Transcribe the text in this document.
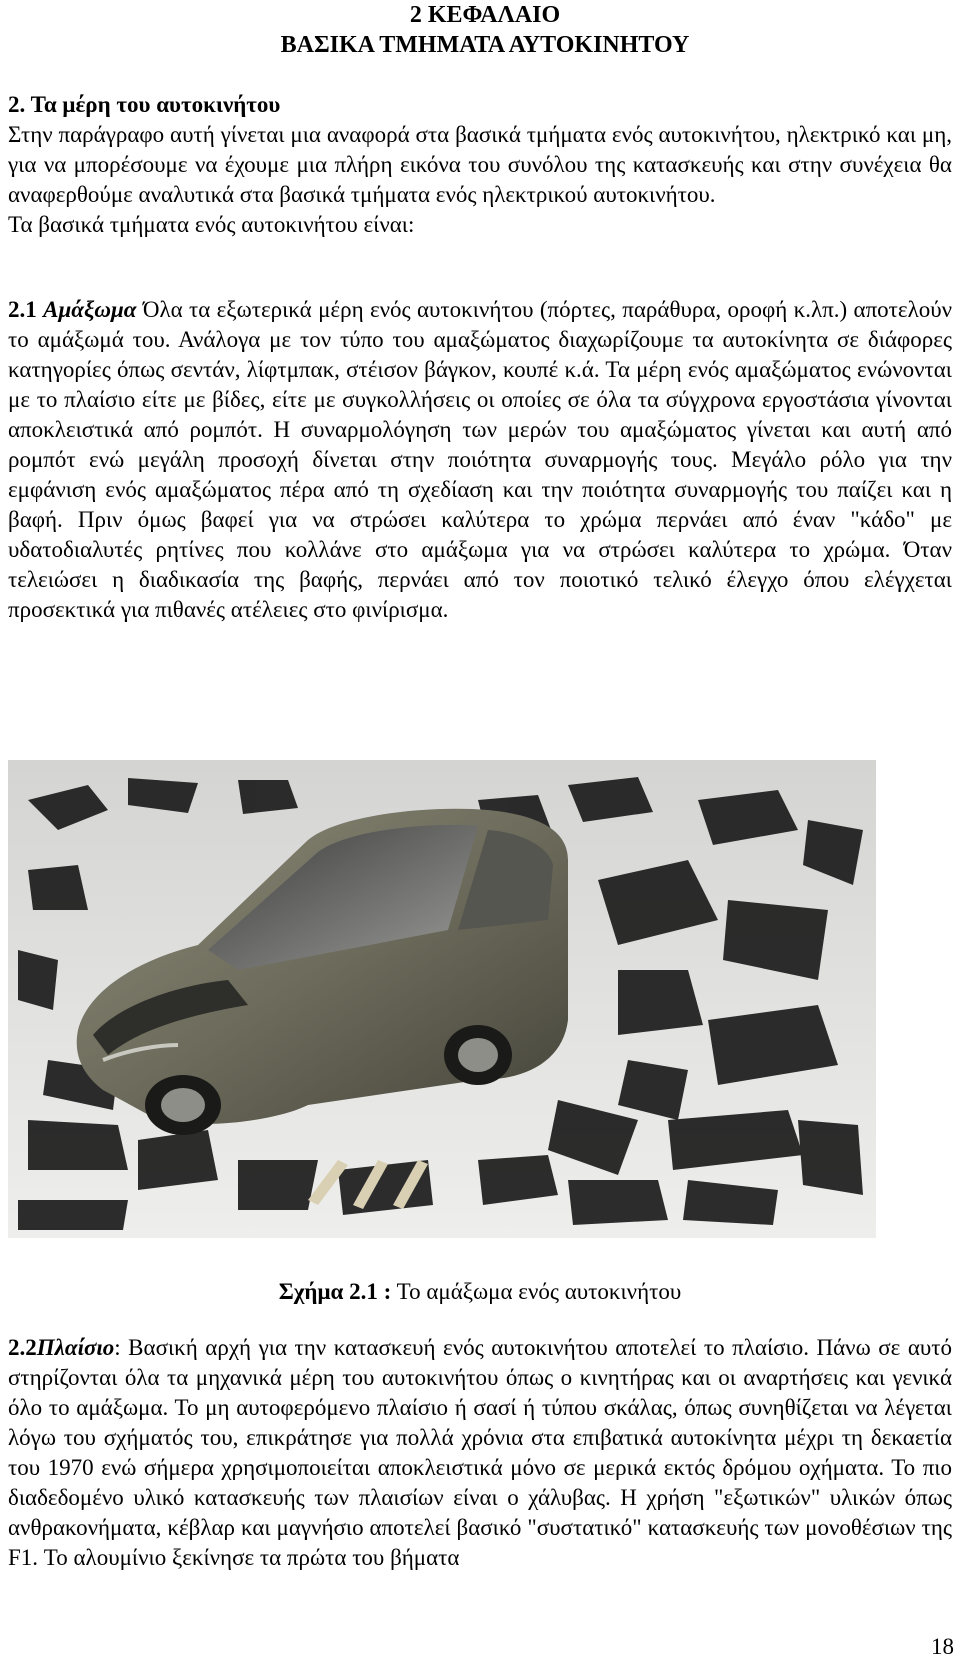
2 ΚΕΦΑΛΑΙΟ
ΒΑΣΙΚΑ ΤΜΗΜΑΤΑ ΑΥΤΟΚΙΝΗΤΟΥ

2. Τα μέρη του αυτοκινήτου

Στην παράγραφο αυτή γίνεται μια αναφορά στα βασικά τμήματα ενός αυτοκινήτου, ηλεκτρικό και μη, για να μπορέσουμε να έχουμε μια πλήρη εικόνα του συνόλου της κατασκευής και στην συνέχεια θα αναφερθούμε αναλυτικά στα βασικά τμήματα ενός ηλεκτρικού αυτοκινήτου.

Τα βασικά τμήματα ενός αυτοκινήτου είναι:

2.1 Αμάξωμα Όλα τα εξωτερικά μέρη ενός αυτοκινήτου (πόρτες, παράθυρα, οροφή κ.λπ.) αποτελούν το αμάξωμά του. Ανάλογα με τον τύπο του αμαξώματος διαχωρίζουμε τα αυτοκίνητα σε διάφορες κατηγορίες όπως σεντάν, λίφτμπακ, στέισον βάγκον, κουπέ κ.ά. Τα μέρη ενός αμαξώματος ενώνονται με το πλαίσιο είτε με βίδες, είτε με συγκολλήσεις οι οποίες σε όλα τα σύγχρονα εργοστάσια γίνονται αποκλειστικά από ρομπότ. Η συναρμολόγηση των μερών του αμαξώματος γίνεται και αυτή από ρομπότ ενώ μεγάλη προσοχή δίνεται στην ποιότητα συναρμογής τους. Μεγάλο ρόλο για την εμφάνιση ενός αμαξώματος πέρα από τη σχεδίαση και την ποιότητα συναρμογής του παίζει και η βαφή. Πριν όμως βαφεί για να στρώσει καλύτερα το χρώμα περνάει από έναν "κάδο" με υδατοδιαλυτές ρητίνες που κολλάνε στο αμάξωμα για να στρώσει καλύτερα το χρώμα. Όταν τελειώσει η διαδικασία της βαφής, περνάει από τον ποιοτικό τελικό έλεγχο όπου ελέγχεται προσεκτικά για πιθανές ατέλειες στο φινίρισμα.

Σχήμα 2.1 : Το αμάξωμα ενός αυτοκινήτου

2.2Πλαίσιο: Βασική αρχή για την κατασκευή ενός αυτοκινήτου αποτελεί το πλαίσιο. Πάνω σε αυτό στηρίζονται όλα τα μηχανικά μέρη του αυτοκινήτου όπως ο κινητήρας και οι αναρτήσεις και γενικά όλο το αμάξωμα. Το μη αυτοφερόμενο πλαίσιο ή σασί ή τύπου σκάλας, όπως συνηθίζεται να λέγεται λόγω του σχήματός του, επικράτησε για πολλά χρόνια στα επιβατικά αυτοκίνητα μέχρι τη δεκαετία του 1970 ενώ σήμερα χρησιμοποιείται αποκλειστικά μόνο σε μερικά εκτός δρόμου οχήματα. Το πιο διαδεδομένο υλικό κατασκευής των πλαισίων είναι ο χάλυβας. Η χρήση "εξωτικών" υλικών όπως ανθρακονήματα, κέβλαρ και μαγνήσιο αποτελεί βασικό "συστατικό" κατασκευής των μονοθέσιων της F1. Το αλουμίνιο ξεκίνησε τα πρώτα του βήματα

18
